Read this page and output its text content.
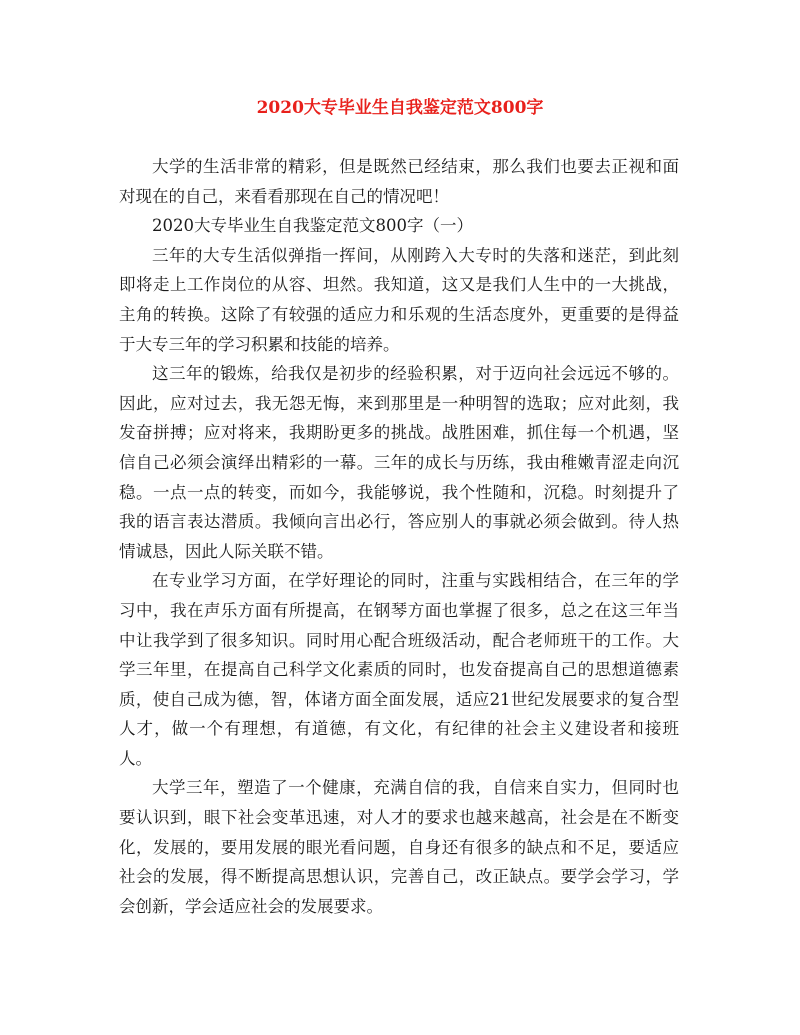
2020大专毕业生自我鉴定范文800字

大学的生活非常的精彩，但是既然已经结束，那么我们也要去正视和面对现在的自己，来看看那现在自己的情况吧！

2020大专毕业生自我鉴定范文800字（一）

三年的大专生活似弹指一挥间，从刚跨入大专时的失落和迷茫，到此刻即将走上工作岗位的从容、坦然。我知道，这又是我们人生中的一大挑战，主角的转换。这除了有较强的适应力和乐观的生活态度外，更重要的是得益于大专三年的学习积累和技能的培养。

这三年的锻炼，给我仅是初步的经验积累，对于迈向社会远远不够的。因此，应对过去，我无怨无悔，来到那里是一种明智的选取；应对此刻，我发奋拼搏；应对将来，我期盼更多的挑战。战胜困难，抓住每一个机遇，坚信自己必须会演绎出精彩的一幕。三年的成长与历练，我由稚嫩青涩走向沉稳。一点一点的转变，而如今，我能够说，我个性随和，沉稳。时刻提升了我的语言表达潜质。我倾向言出必行，答应别人的事就必须会做到。待人热情诚恳，因此人际关联不错。

在专业学习方面，在学好理论的同时，注重与实践相结合，在三年的学习中，我在声乐方面有所提高，在钢琴方面也掌握了很多，总之在这三年当中让我学到了很多知识。同时用心配合班级活动，配合老师班干的工作。大学三年里，在提高自己科学文化素质的同时，也发奋提高自己的思想道德素质，使自己成为德，智，体诸方面全面发展，适应21世纪发展要求的复合型人才，做一个有理想，有道德，有文化，有纪律的社会主义建设者和接班人。

大学三年，塑造了一个健康，充满自信的我，自信来自实力，但同时也要认识到，眼下社会变革迅速，对人才的要求也越来越高，社会是在不断变化，发展的，要用发展的眼光看问题，自身还有很多的缺点和不足，要适应社会的发展，得不断提高思想认识，完善自己，改正缺点。要学会学习，学会创新，学会适应社会的发展要求。
